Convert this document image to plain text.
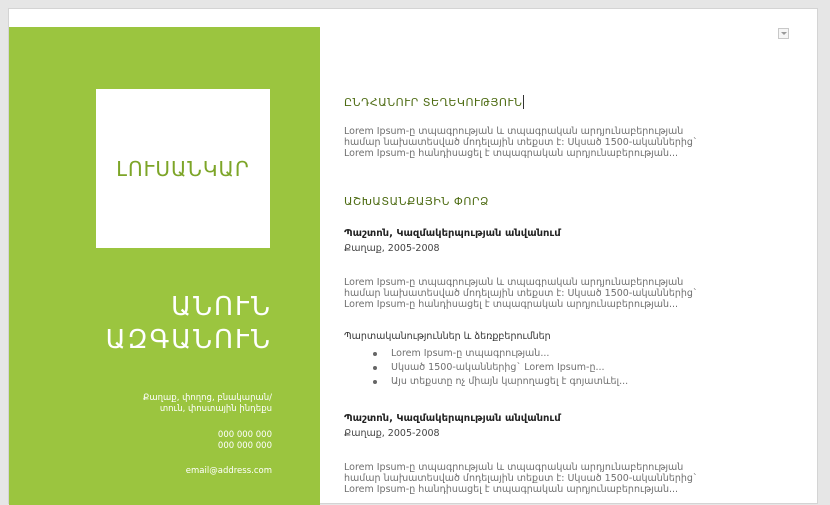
ԼՈՒՍԱՆԿԱՐ
ԱՆՈՒՆ
ԱԶԳԱՆՈՒՆ
Քաղաք, փողոց, բնակարան/
տուն, փոստային ինդեքս
000 000 000
000 000 000
email@address.com
ԸՆԴՀԱՆՈՒՐ ՏԵՂԵԿՈՒԹՅՈՒՆ
Lorem Ipsum-ը տպագրության և տպագրական արդյունաբերության
համար նախատեսված մոդելային տեքստ է: Սկսած 1500-ականներից`
Lorem Ipsum-ը հանդիսացել է տպագրական արդյունաբերության...
ԱՇԽԱՏԱՆՔԱՅԻՆ ՓՈՐՁ
Պաշտոն, Կազմակերպության անվանում
Քաղաք, 2005-2008
Lorem Ipsum-ը տպագրության և տպագրական արդյունաբերության
համար նախատեսված մոդելային տեքստ է: Սկսած 1500-ականներից`
Lorem Ipsum-ը հանդիսացել է տպագրական արդյունաբերության...
Պարտականություններ և ձեռքբերումներ
Lorem Ipsum-ը տպագրության...
Սկսած 1500-ականներից` Lorem Ipsum-ը...
Այս տեքստը ոչ միայն կարողացել է գոյատևել...
Պաշտոն, Կազմակերպության անվանում
Քաղաք, 2005-2008
Lorem Ipsum-ը տպագրության և տպագրական արդյունաբերության
համար նախատեսված մոդելային տեքստ է: Սկսած 1500-ականներից`
Lorem Ipsum-ը հանդիսացել է տպագրական արդյունաբերության...
